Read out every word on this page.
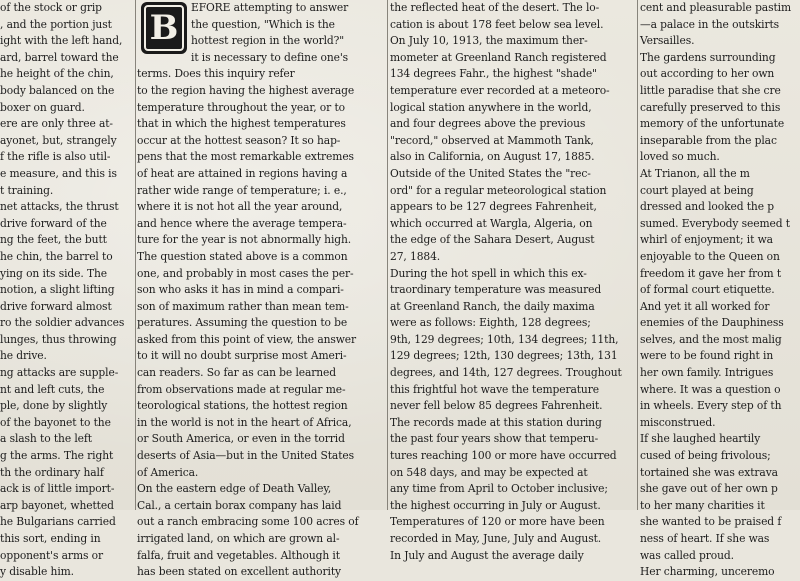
of the stock or grip

, and the portion just

ight with the left hand,

ard, barrel toward the

he height of the chin,

body balanced on the

boxer on guard.

ere are only three at-

ayonet, but, strangely

f the rifle is also util-

e measure, and this is

t training.

net attacks, the thrust

drive forward of the

ng the feet, the butt

he chin, the barrel to

ying on its side. The

notion, a slight lifting

drive forward almost

ro the soldier advances

lunges, thus throwing

he drive.

ng attacks are supple-

nt and left cuts, the

ple, done by slightly

of the bayonet to the

a slash to the left

g the arms. The right

th the ordinary half

ack is of little import-

arp bayonet, whetted

he Bulgarians carried

this sort, ending in

opponent's arms or

y disable him.

B

EFORE attempting to answer

the question, "Which is the

hottest region in the world?"

it is necessary to define one's

terms. Does this inquiry refer

to the region having the highest average

temperature throughout the year, or to

that in which the highest temperatures

occur at the hottest season? It so hap-

pens that the most remarkable extremes

of heat are attained in regions having a

rather wide range of temperature; i. e.,

where it is not hot all the year around,

and hence where the average tempera-

ture for the year is not abnormally high.

The question stated above is a common

one, and probably in most cases the per-

son who asks it has in mind a compari-

son of maximum rather than mean tem-

peratures. Assuming the question to be

asked from this point of view, the answer

to it will no doubt surprise most Ameri-

can readers. So far as can be learned

from observations made at regular me-

teorological stations, the hottest region

in the world is not in the heart of Africa,

or South America, or even in the torrid

deserts of Asia—but in the United States

of America.

On the eastern edge of Death Valley,

Cal., a certain borax company has laid

out a ranch embracing some 100 acres of

irrigated land, on which are grown al-

falfa, fruit and vegetables. Although it

has been stated on excellent authority

the reflected heat of the desert. The lo-

cation is about 178 feet below sea level.

On July 10, 1913, the maximum ther-

mometer at Greenland Ranch registered

134 degrees Fahr., the highest "shade"

temperature ever recorded at a meteoro-

logical station anywhere in the world,

and four degrees above the previous

"record," observed at Mammoth Tank,

also in California, on August 17, 1885.

Outside of the United States the "rec-

ord" for a regular meteorological station

appears to be 127 degrees Fahrenheit,

which occurred at Wargla, Algeria, on

the edge of the Sahara Desert, August

27, 1884.

During the hot spell in which this ex-

traordinary temperature was measured

at Greenland Ranch, the daily maxima

were as follows: Eighth, 128 degrees;

9th, 129 degrees; 10th, 134 degrees; 11th,

129 degrees; 12th, 130 degrees; 13th, 131

degrees, and 14th, 127 degrees. Troughout

this frightful hot wave the temperature

never fell below 85 degrees Fahrenheit.

The records made at this station during

the past four years show that temperu-

tures reaching 100 or more have occurred

on 548 days, and may be expected at

any time from April to October inclusive;

the highest occurring in July or August.

Temperatures of 120 or more have been

recorded in May, June, July and August.

In July and August the average daily

cent and pleasurable pastim

—a palace in the outskirts

Versailles.

The gardens surrounding

out according to her own

little paradise that she cre

carefully preserved to this

memory of the unfortunate

inseparable from the plac

loved so much.

At Trianon, all the m

court played at being

dressed and looked the p

sumed. Everybody seemed t

whirl of enjoyment; it wa

enjoyable to the Queen on

freedom it gave her from t

of formal court etiquette.

And yet it all worked for

enemies of the Dauphiness

selves, and the most malig

were to be found right in

her own family. Intrigues

where. It was a question o

in wheels. Every step of th

misconstrued.

If she laughed heartily

cused of being frivolous;

tortained she was extrava

she gave out of her own p

to her many charities it

she wanted to be praised f

ness of heart. If she was

was called proud.

Her charming, unceremo
